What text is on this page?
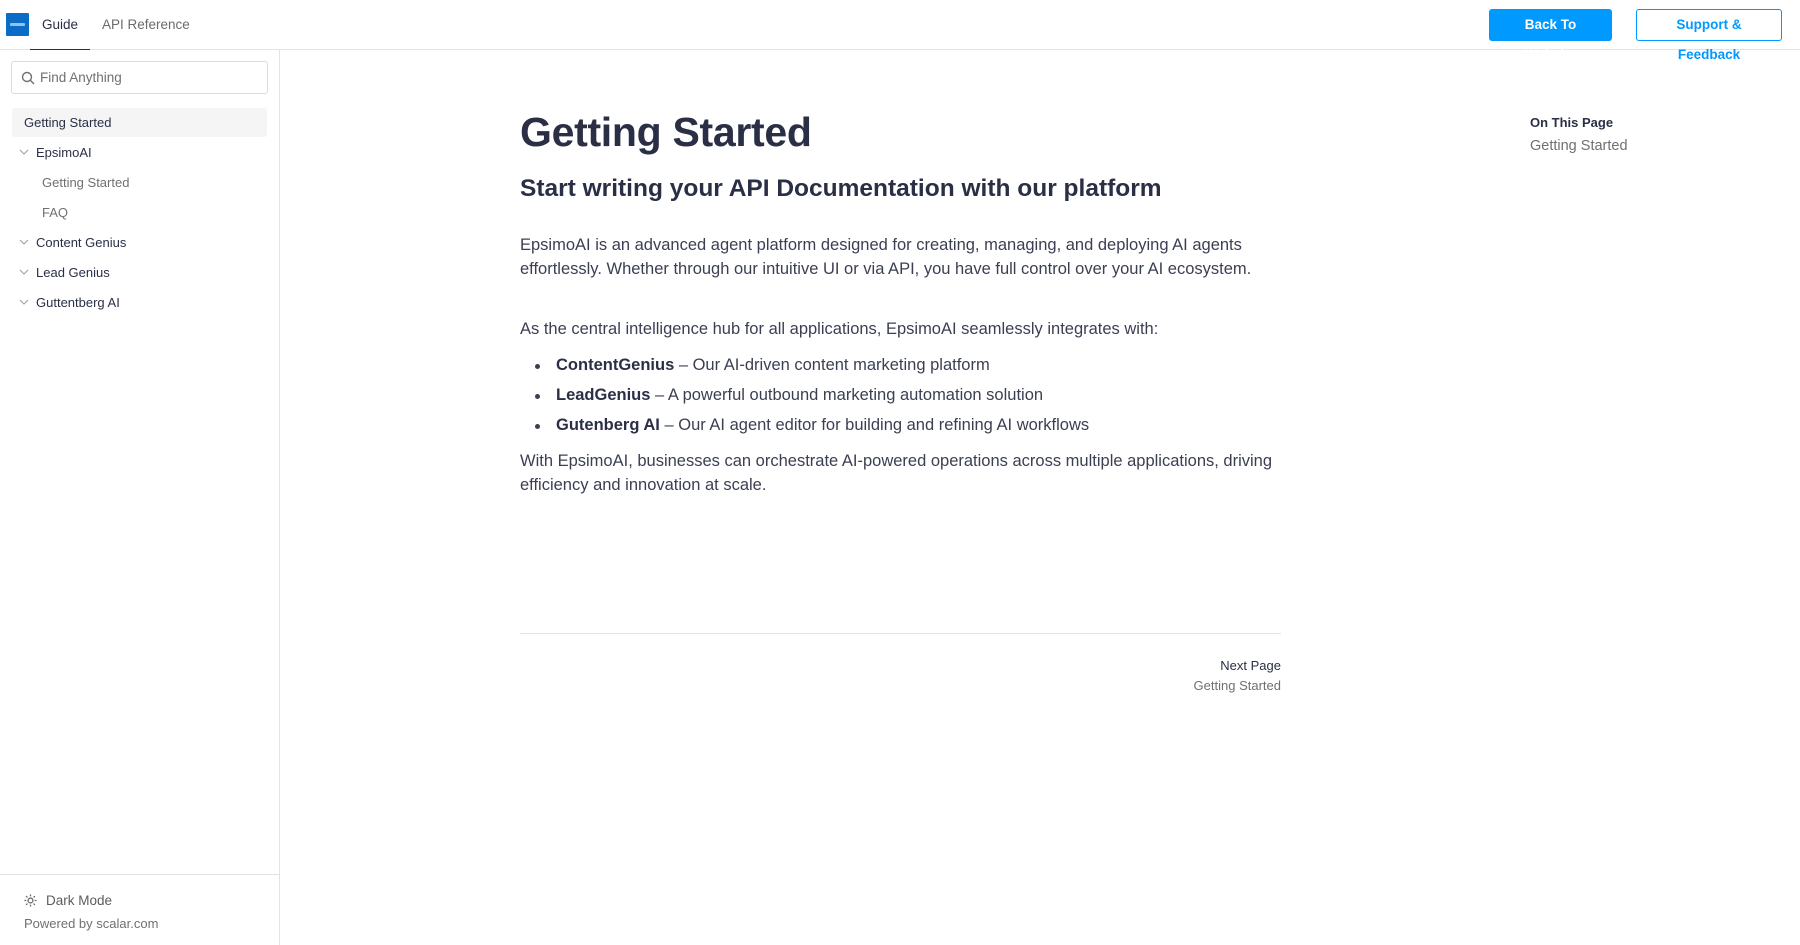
Guide API Reference	Back To Website
Support & Feedback
Find Anything
Getting Started
EpsimoAI
Getting Started
FAQ
Content Genius
Lead Genius
Guttentberg AI
Dark Mode
Powered by scalar.com
Getting Started
Start writing your API Documentation with our platform

EpsimoAI is an advanced agent platform designed for creating, managing, and deploying AI agents effortlessly. Whether through our intuitive UI or via API, you have full control over your AI ecosystem.

As the central intelligence hub for all applications, EpsimoAI seamlessly integrates with:

ContentGenius – Our AI-driven content marketing platform
LeadGenius – A powerful outbound marketing automation solution
Gutenberg AI – Our AI agent editor for building and refining AI workflows

With EpsimoAI, businesses can orchestrate AI-powered operations across multiple applications, driving efficiency and innovation at scale.

Next Page
Getting Started
On This Page
Getting Started
